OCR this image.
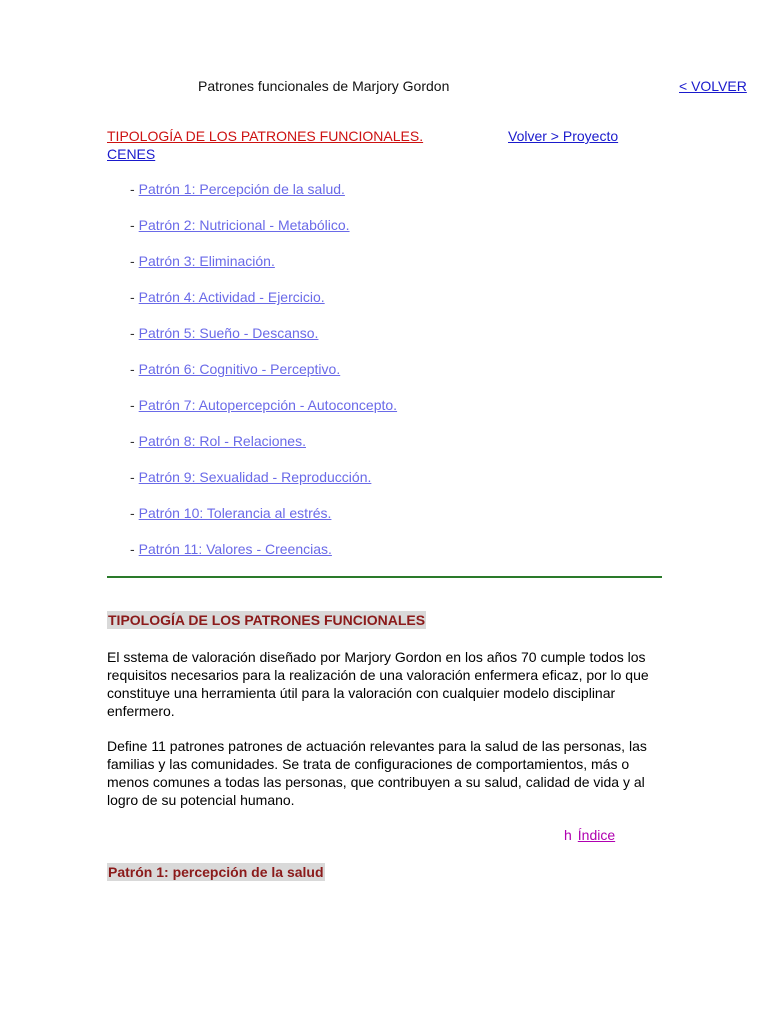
Patrones funcionales de Marjory Gordon	< VOLVER
TIPOLOGÍA DE LOS PATRONES FUNCIONALES.
CENES
Volver > Proyecto
- Patrón 1: Percepción de la salud.
- Patrón 2: Nutricional - Metabólico.
- Patrón 3: Eliminación.
- Patrón 4: Actividad - Ejercicio.
- Patrón 5: Sueño - Descanso.
- Patrón 6: Cognitivo - Perceptivo.
- Patrón 7: Autopercepción - Autoconcepto.
- Patrón 8: Rol - Relaciones.
- Patrón 9: Sexualidad - Reproducción.
- Patrón 10: Tolerancia al estrés.
- Patrón 11: Valores - Creencias.
TIPOLOGÍA DE LOS PATRONES FUNCIONALES

El sstema de valoración diseñado por Marjory Gordon en los años 70 cumple todos los requisitos necesarios para la realización de una valoración enfermera eficaz, por lo que constituye una herramienta útil para la valoración con cualquier modelo disciplinar enfermero.

Define 11 patrones patrones de actuación relevantes para la salud de las personas, las familias y las comunidades. Se trata de configuraciones de comportamientos, más o menos comunes a todas las personas, que contribuyen a su salud, calidad de vida y al logro de su potencial humano.

h Índice
Patrón 1: percepción de la salud
